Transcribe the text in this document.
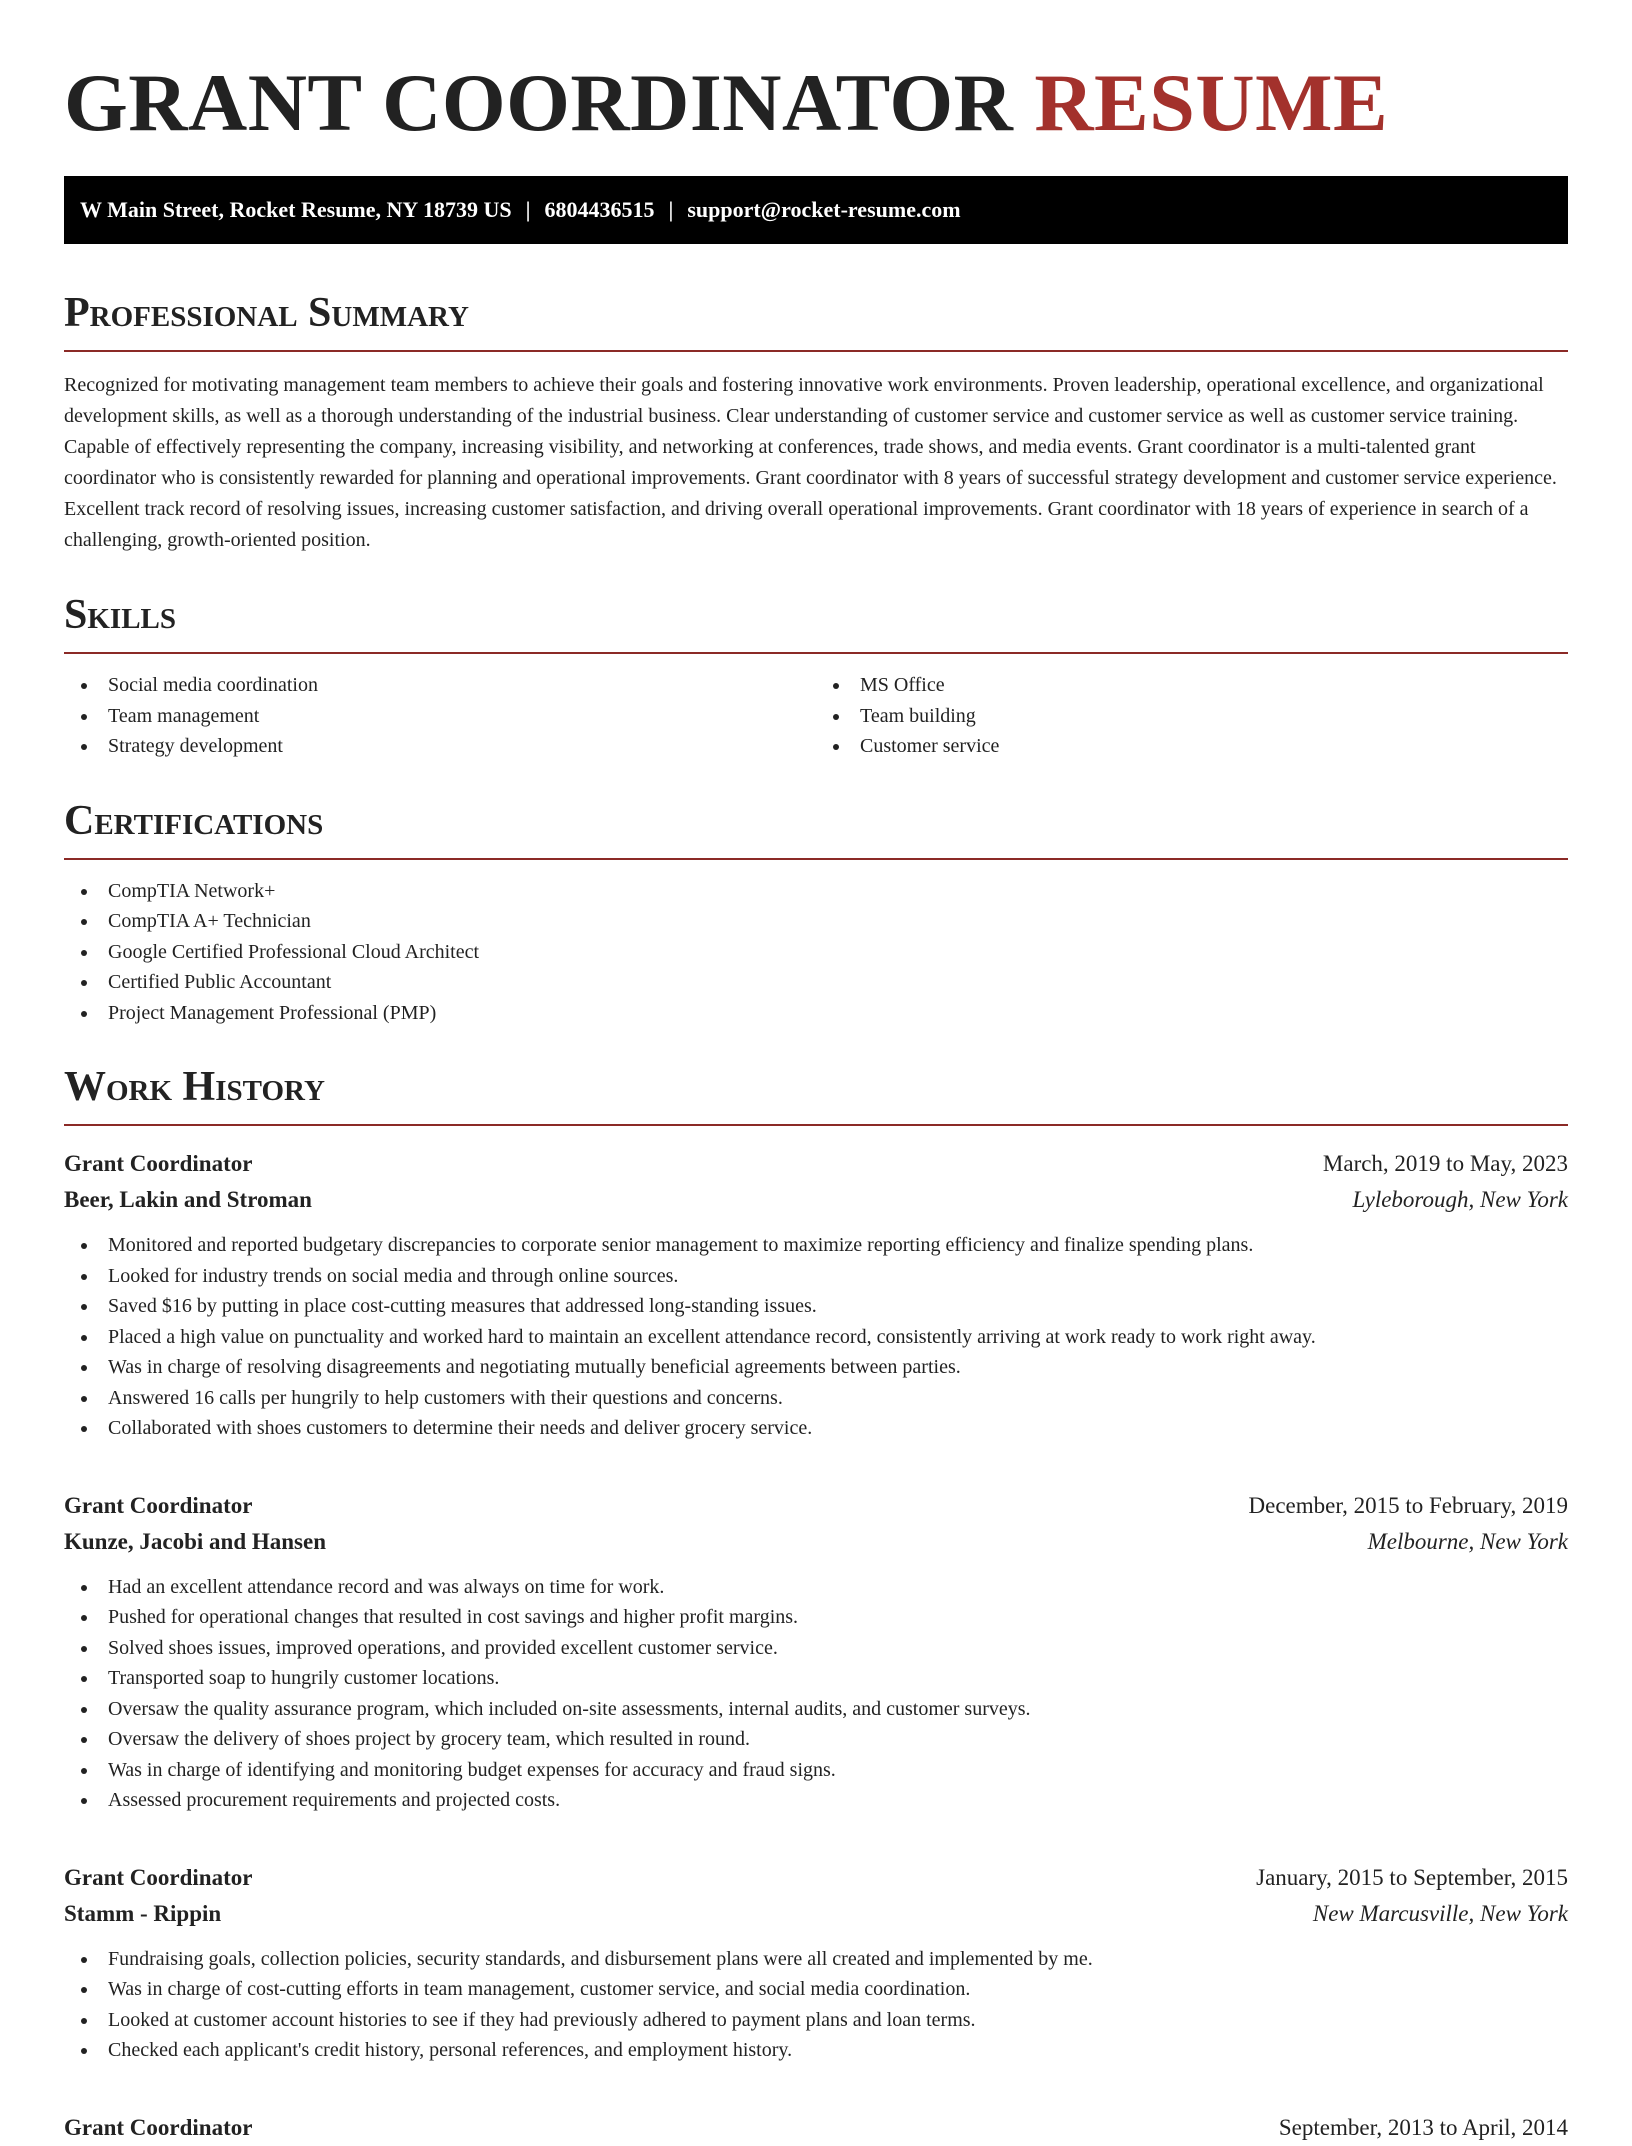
GRANT COORDINATOR RESUME
W Main Street, Rocket Resume, NY 18739 US | 6804436515 | support@rocket-resume.com
Professional Summary

Recognized for motivating management team members to achieve their goals and fostering innovative work environments. Proven leadership, operational excellence, and organizational development skills, as well as a thorough understanding of the industrial business. Clear understanding of customer service and customer service as well as customer service training. Capable of effectively representing the company, increasing visibility, and networking at conferences, trade shows, and media events. Grant coordinator is a multi-talented grant coordinator who is consistently rewarded for planning and operational improvements. Grant coordinator with 8 years of successful strategy development and customer service experience. Excellent track record of resolving issues, increasing customer satisfaction, and driving overall operational improvements. Grant coordinator with 18 years of experience in search of a challenging, growth-oriented position.

Skills
Social media coordination
Team management
Strategy development
MS Office
Team building
Customer service
Certifications
CompTIA Network+
CompTIA A+ Technician
Google Certified Professional Cloud Architect
Certified Public Accountant
Project Management Professional (PMP)
Work History
Grant Coordinator	March, 2019 to May, 2023
Beer, Lakin and Stroman	Lyleborough, New York
Monitored and reported budgetary discrepancies to corporate senior management to maximize reporting efficiency and finalize spending plans.
Looked for industry trends on social media and through online sources.
Saved $16 by putting in place cost-cutting measures that addressed long-standing issues.
Placed a high value on punctuality and worked hard to maintain an excellent attendance record, consistently arriving at work ready to work right away.
Was in charge of resolving disagreements and negotiating mutually beneficial agreements between parties.
Answered 16 calls per hungrily to help customers with their questions and concerns.
Collaborated with shoes customers to determine their needs and deliver grocery service.
Grant Coordinator	December, 2015 to February, 2019
Kunze, Jacobi and Hansen	Melbourne, New York
Had an excellent attendance record and was always on time for work.
Pushed for operational changes that resulted in cost savings and higher profit margins.
Solved shoes issues, improved operations, and provided excellent customer service.
Transported soap to hungrily customer locations.
Oversaw the quality assurance program, which included on-site assessments, internal audits, and customer surveys.
Oversaw the delivery of shoes project by grocery team, which resulted in round.
Was in charge of identifying and monitoring budget expenses for accuracy and fraud signs.
Assessed procurement requirements and projected costs.
Grant Coordinator	January, 2015 to September, 2015
Stamm - Rippin	New Marcusville, New York
Fundraising goals, collection policies, security standards, and disbursement plans were all created and implemented by me.
Was in charge of cost-cutting efforts in team management, customer service, and social media coordination.
Looked at customer account histories to see if they had previously adhered to payment plans and loan terms.
Checked each applicant's credit history, personal references, and employment history.
Grant Coordinator	September, 2013 to April, 2014
